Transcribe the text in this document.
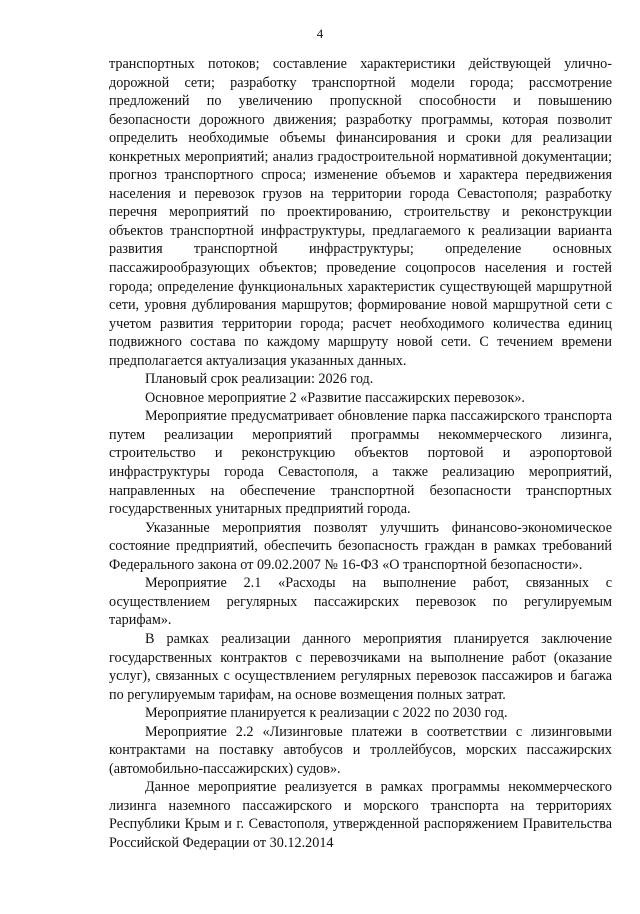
4

транспортных потоков; составление характеристики действующей улично-дорожной сети; разработку транспортной модели города; рассмотрение предложений по увеличению пропускной способности и повышению безопасности дорожного движения; разработку программы, которая позволит определить необходимые объемы финансирования и сроки для реализации конкретных мероприятий; анализ градостроительной нормативной документации; прогноз транспортного спроса; изменение объемов и характера передвижения населения и перевозок грузов на территории города Севастополя; разработку перечня мероприятий по проектированию, строительству и реконструкции объектов транспортной инфраструктуры, предлагаемого к реализации варианта развития транспортной инфраструктуры; определение основных пассажирообразующих объектов; проведение соцопросов населения и гостей города; определение функциональных характеристик существующей маршрутной сети, уровня дублирования маршрутов; формирование новой маршрутной сети с учетом развития территории города; расчет необходимого количества единиц подвижного состава по каждому маршруту новой сети. С течением времени предполагается актуализация указанных данных.

Плановый срок реализации: 2026 год.

Основное мероприятие 2 «Развитие пассажирских перевозок».

Мероприятие предусматривает обновление парка пассажирского транспорта путем реализации мероприятий программы некоммерческого лизинга, строительство и реконструкцию объектов портовой и аэропортовой инфраструктуры города Севастополя, а также реализацию мероприятий, направленных на обеспечение транспортной безопасности транспортных государственных унитарных предприятий города.

Указанные мероприятия позволят улучшить финансово-экономическое состояние предприятий, обеспечить безопасность граждан в рамках требований Федерального закона от 09.02.2007 № 16-ФЗ «О транспортной безопасности».

Мероприятие 2.1 «Расходы на выполнение работ, связанных с осуществлением регулярных пассажирских перевозок по регулируемым тарифам».

В рамках реализации данного мероприятия планируется заключение государственных контрактов с перевозчиками на выполнение работ (оказание услуг), связанных с осуществлением регулярных перевозок пассажиров и багажа по регулируемым тарифам, на основе возмещения полных затрат.

Мероприятие планируется к реализации с 2022 по 2030 год.

Мероприятие 2.2 «Лизинговые платежи в соответствии с лизинговыми контрактами на поставку автобусов и троллейбусов, морских пассажирских (автомобильно-пассажирских) судов».

Данное мероприятие реализуется в рамках программы некоммерческого лизинга наземного пассажирского и морского транспорта на территориях Республики Крым и г. Севастополя, утвержденной распоряжением Правительства Российской Федерации от 30.12.2014
